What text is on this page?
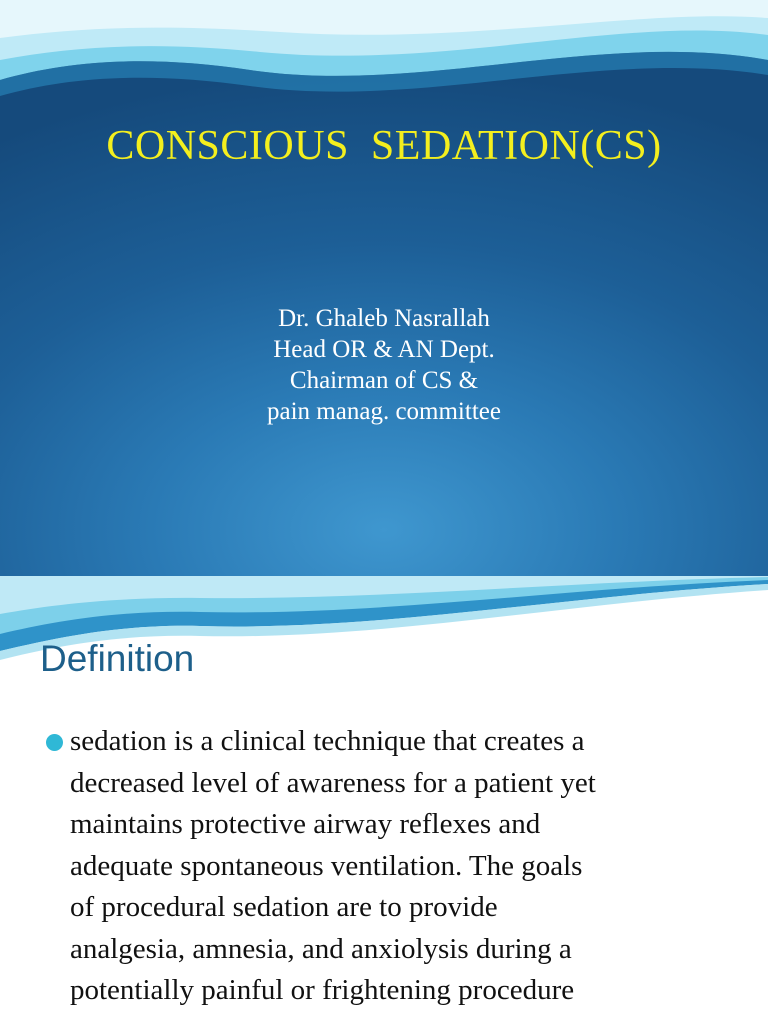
CONSCIOUS  SEDATION(CS)
Dr. Ghaleb Nasrallah
Head OR & AN Dept.
Chairman of CS &
pain manag. committee
Definition
sedation is a clinical technique that creates a
decreased level of awareness for a patient yet
maintains protective airway reflexes and
adequate spontaneous ventilation. The goals
of procedural sedation are to provide
analgesia, amnesia, and anxiolysis during a
potentially painful or frightening procedure
